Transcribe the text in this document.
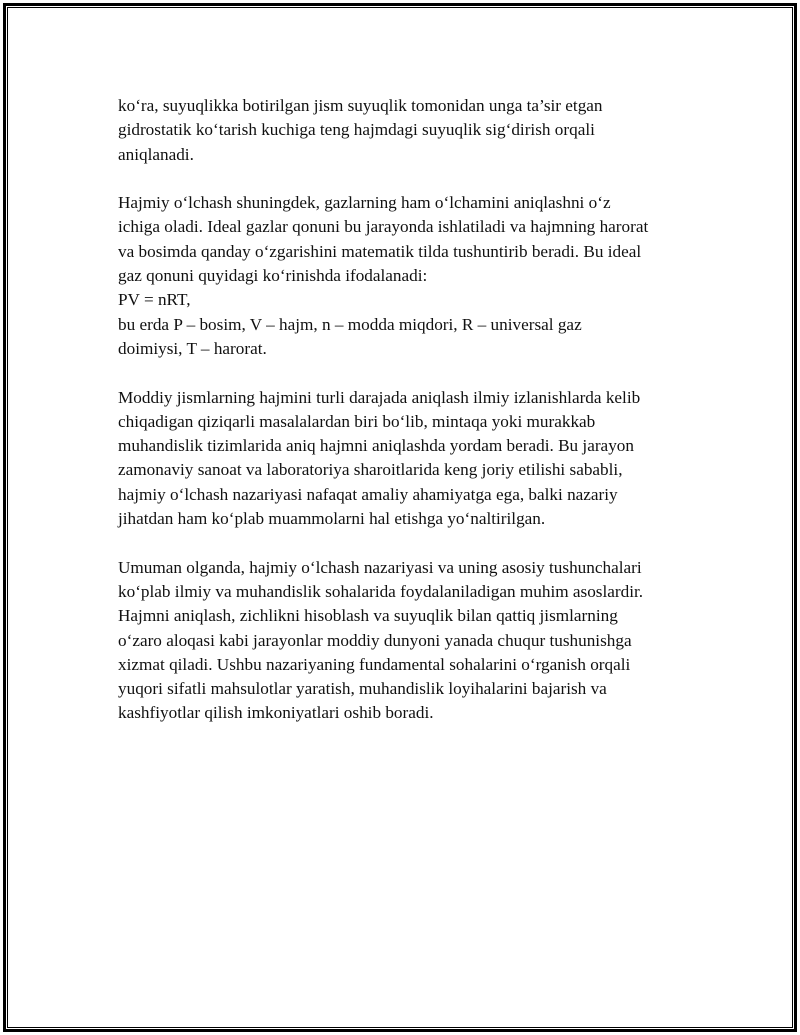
ko‘ra, suyuqlikka botirilgan jism suyuqlik tomonidan unga ta’sir etgan
gidrostatik ko‘tarish kuchiga teng hajmdagi suyuqlik sig‘dirish orqali
aniqlanadi.
Hajmiy o‘lchash shuningdek, gazlarning ham o‘lchamini aniqlashni o‘z
ichiga oladi. Ideal gazlar qonuni bu jarayonda ishlatiladi va hajmning harorat
va bosimda qanday o‘zgarishini matematik tilda tushuntirib beradi. Bu ideal
gaz qonuni quyidagi ko‘rinishda ifodalanadi:
PV = nRT,
bu erda P – bosim, V – hajm, n – modda miqdori, R – universal gaz
doimiysi, T – harorat.
Moddiy jismlarning hajmini turli darajada aniqlash ilmiy izlanishlarda kelib
chiqadigan qiziqarli masalalardan biri bo‘lib, mintaqa yoki murakkab
muhandislik tizimlarida aniq hajmni aniqlashda yordam beradi. Bu jarayon
zamonaviy sanoat va laboratoriya sharoitlarida keng joriy etilishi sababli,
hajmiy o‘lchash nazariyasi nafaqat amaliy ahamiyatga ega, balki nazariy
jihatdan ham ko‘plab muammolarni hal etishga yo‘naltirilgan.
Umuman olganda, hajmiy o‘lchash nazariyasi va uning asosiy tushunchalari
ko‘plab ilmiy va muhandislik sohalarida foydalaniladigan muhim asoslardir.
Hajmni aniqlash, zichlikni hisoblash va suyuqlik bilan qattiq jismlarning
o‘zaro aloqasi kabi jarayonlar moddiy dunyoni yanada chuqur tushunishga
xizmat qiladi. Ushbu nazariyaning fundamental sohalarini o‘rganish orqali
yuqori sifatli mahsulotlar yaratish, muhandislik loyihalarini bajarish va
kashfiyotlar qilish imkoniyatlari oshib boradi.
